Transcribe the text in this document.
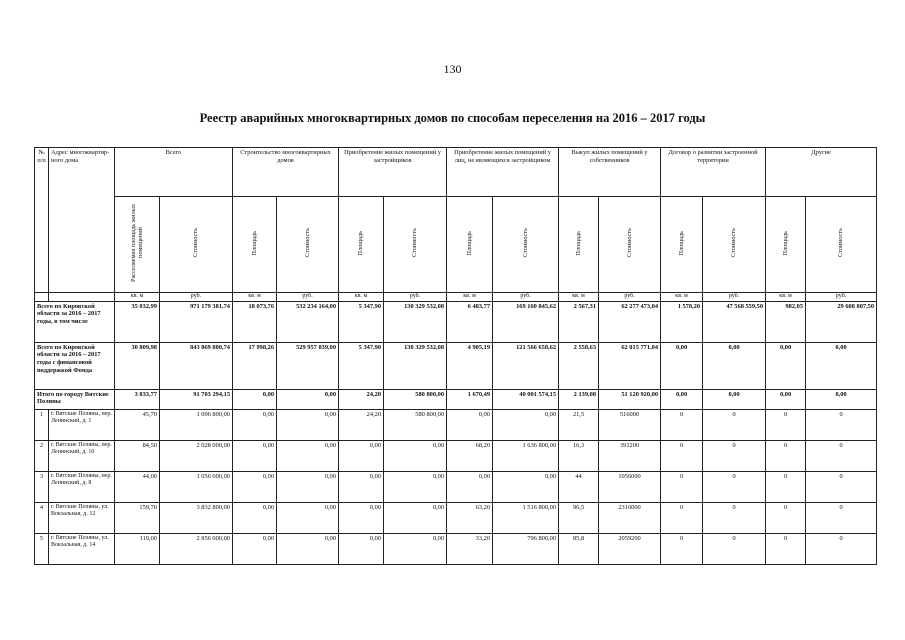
130
Реестр аварийных многоквартирных домов по способам переселения на 2016 – 2017 годы
№ п/п	Адрес многоквартир-ного дома	Всего		Строительство многоквартирных домов		Приобретение жилых помещений у застройщиков		Приобретение жилых помещений у лиц, не являющихся застройщиком		Выкуп жилых помещений у собственников		Договор о развитии застроенной территории		Другие	
		Расселяемая площадь жилых помещений	Стоимость	Площадь	Стоимость	Площадь	Стоимость	Площадь	Стоимость	Площадь	Стоимость	Площадь	Стоимость	Площадь	Стоимость
		кв. м	руб.	кв. м	руб.	кв. м	руб.	кв. м	руб.	кв. м	руб.	кв. м	руб.	кв. м	руб.
Всего по Кировской области за 2016 – 2017 годы, в том числе		35 032,99	971 179 381,74	18 073,76	532 234 164,00	5 347,90	130 329 532,08	6 483,77	169 160 845,62	2 567,31	62 277 473,04	1 578,20	47 568 559,50	982,05	29 608 807,50
Всего по Кировской области за 2016 – 2017 годы с финансовой поддержкой Фонда		30 809,98	843 869 800,74	17 998,26	529 957 839,00	5 347,90	130 329 532,08	4 905,19	121 566 658,62	2 558,63	62 015 771,04	0,00	0,00	0,00	0,00
Итого по городу Вятские Поляны		3 833,77	91 703 294,15	0,00	0,00	24,20	580 800,00	1 670,49	40 001 574,15	2 139,08	51 120 920,00	0,00	0,00	0,00	0,00
1	г. Вятские Поляны, пер. Ленинский, д. 1	45,70	1 096 800,00	0,00	0,00	24,20	580 800,00	0,00	0,00	21,5	516000	0	0	0	0
2	г. Вятские Поляны, пер. Ленинский, д. 10	84,50	2 028 000,00	0,00	0,00	0,00	0,00	68,20	1 636 800,00	16,3	391200	0	0	0	0
3	г. Вятские Поляны, пер. Ленинский, д. 8	44,00	1 056 000,00	0,00	0,00	0,00	0,00	0,00	0,00	44	1056000	0	0	0	0
4	г. Вятские Поляны, ул. Вокзальная, д. 12	159,70	3 832 800,00	0,00	0,00	0,00	0,00	63,20	1 516 800,00	96,5	2316000	0	0	0	0
5	г. Вятские Поляны, ул. Вокзальная, д. 14	119,00	2 856 000,00	0,00	0,00	0,00	0,00	33,20	796 800,00	85,8	2059200	0	0	0	0
